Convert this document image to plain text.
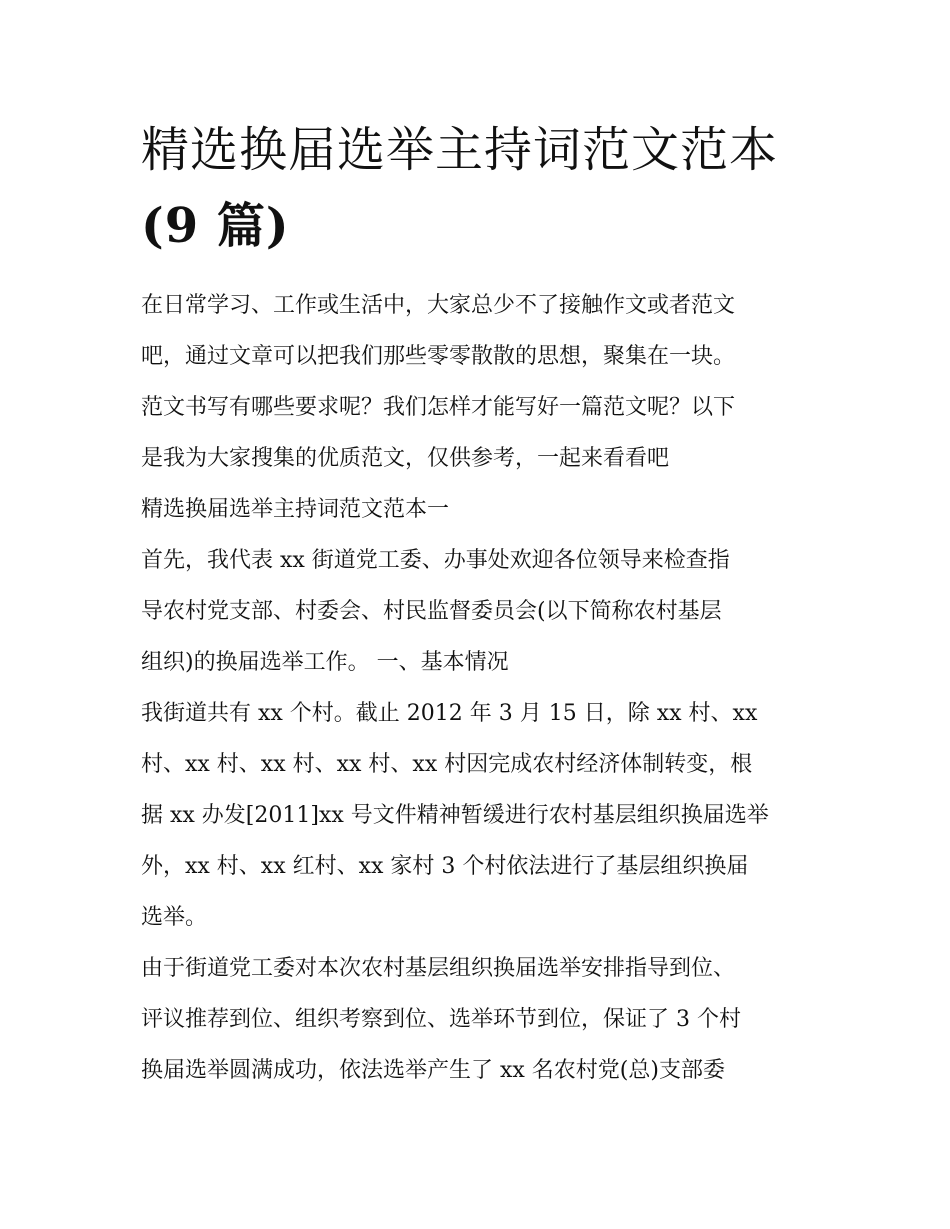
精选换届选举主持词范文范本
(9 篇)
在日常学习、工作或生活中，大家总少不了接触作文或者范文
吧，通过文章可以把我们那些零零散散的思想，聚集在一块。
范文书写有哪些要求呢？我们怎样才能写好一篇范文呢？以下
是我为大家搜集的优质范文，仅供参考，一起来看看吧
精选换届选举主持词范文范本一
首先，我代表 xx 街道党工委、办事处欢迎各位领导来检查指
导农村党支部、村委会、村民监督委员会(以下简称农村基层
组织)的换届选举工作。 一、基本情况
我街道共有 xx 个村。截止 2012 年 3 月 15 日，除 xx 村、xx
村、xx 村、xx 村、xx 村、xx 村因完成农村经济体制转变，根
据 xx 办发[2011]xx 号文件精神暂缓进行农村基层组织换届选举
外，xx 村、xx 红村、xx 家村 3 个村依法进行了基层组织换届
选举。
由于街道党工委对本次农村基层组织换届选举安排指导到位、
评议推荐到位、组织考察到位、选举环节到位，保证了 3 个村
换届选举圆满成功，依法选举产生了 xx 名农村党(总)支部委
